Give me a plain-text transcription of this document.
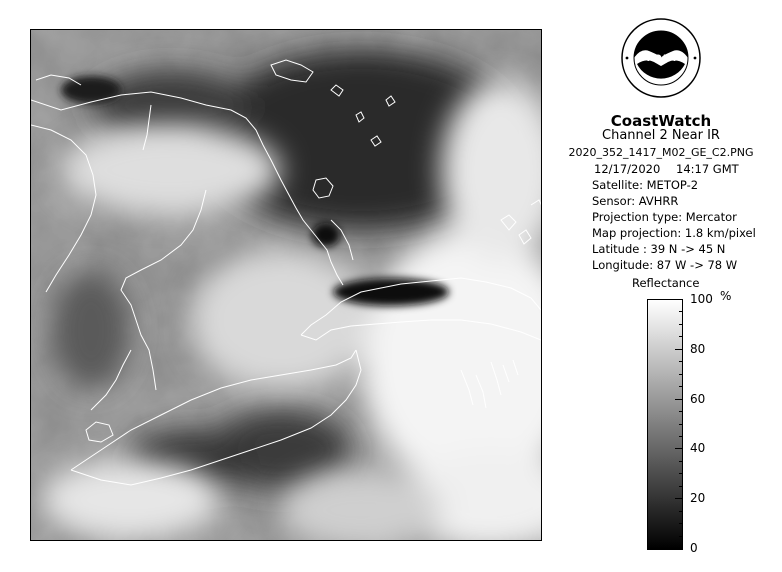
NOAA
CoastWatch
Channel 2 Near IR
2020_352_1417_M02_GE_C2.PNG
12/17/2020 14:17 GMT
Satellite: METOP-2
Sensor: AVHRR
Projection type: Mercator
Map projection: 1.8 km/pixel
Latitude : 39 N -> 45 N
Longitude: 87 W -> 78 W
Reflectance
%
100
80
60
40
20
0
